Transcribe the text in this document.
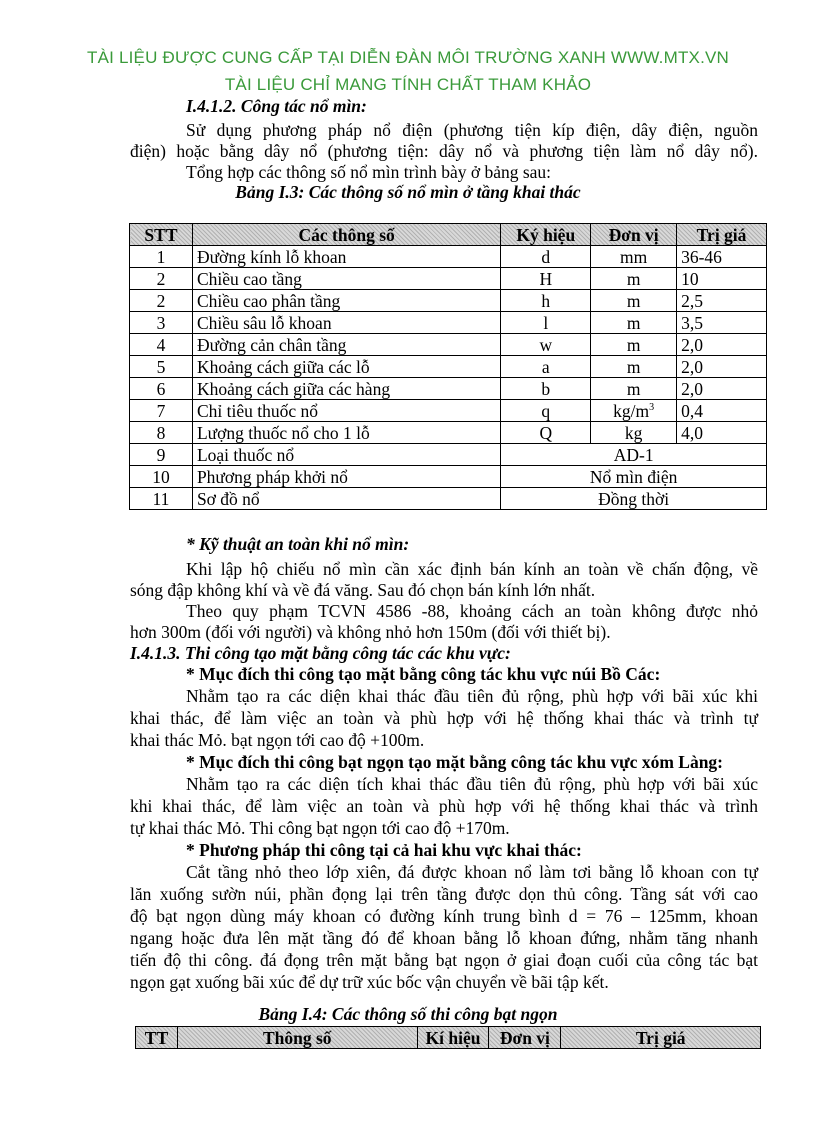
TÀI LIỆU ĐƯỢC CUNG CẤP TẠI DIỄN ĐÀN MÔI TRƯỜNG XANH WWW.MTX.VN
TÀI LIỆU CHỈ MANG TÍNH CHẤT THAM KHẢO
I.4.1.2. Công tác nổ mìn:
Sử dụng phương pháp nổ điện (phương tiện kíp điện, dây điện, nguồn
điện) hoặc bằng dây nổ (phương tiện: dây nổ và phương tiện làm nổ dây nổ).
Tổng hợp các thông số nổ mìn trình bày ở bảng sau:
Bảng I.3: Các thông số nổ mìn ở tầng khai thác
STT	Các thông số	Ký hiệu	Đơn vị	Trị giá
1	Đường kính lỗ khoan	d	mm	36-46
2	Chiều cao tầng	H	m	10
2	Chiều cao phân tầng	h	m	2,5
3	Chiều sâu lỗ khoan	l	m	3,5
4	Đường cản chân tầng	w	m	2,0
5	Khoảng cách giữa các lỗ	a	m	2,0
6	Khoảng cách giữa các hàng	b	m	2,0
7	Chỉ tiêu thuốc nổ	q	$kg/m^3$	0,4
8	Lượng thuốc nổ cho 1 lỗ	Q	kg	4,0
9	Loại thuốc nổ	AD-1		
10	Phương pháp khởi nổ	Nổ mìn điện		
11	Sơ đồ nổ	Đồng thời		
* Kỹ thuật an toàn khi nổ mìn:
Khi lập hộ chiếu nổ mìn cần xác định bán kính an toàn về chấn động, về
sóng đập không khí và về đá văng. Sau đó chọn bán kính lớn nhất.
Theo quy phạm TCVN 4586 -88, khoảng cách an toàn không được nhỏ
hơn 300m (đối với người) và không nhỏ hơn 150m (đối với thiết bị).
I.4.1.3. Thi công tạo mặt bằng công tác các khu vực:
* Mục đích thi công tạo mặt bằng công tác khu vực núi Bồ Các:
Nhằm tạo ra các diện khai thác đầu tiên đủ rộng, phù hợp với bãi xúc khi
khai thác, để làm việc an toàn và phù hợp với hệ thống khai thác và trình tự
khai thác Mỏ. bạt ngọn tới cao độ +100m.
* Mục đích thi công bạt ngọn tạo mặt bằng công tác khu vực xóm Làng:
Nhằm tạo ra các diện tích khai thác đầu tiên đủ rộng, phù hợp với bãi xúc
khi khai thác, để làm việc an toàn và phù hợp với hệ thống khai thác và trình
tự khai thác Mỏ. Thi công bạt ngọn tới cao độ +170m.
* Phương pháp thi công tại cả hai khu vực khai thác:
Cắt tầng nhỏ theo lớp xiên, đá được khoan nổ làm tơi bằng lỗ khoan con tự
lăn xuống sườn núi, phần đọng lại trên tầng được dọn thủ công. Tầng sát với cao
độ bạt ngọn dùng máy khoan có đường kính trung bình d = 76 – 125mm, khoan
ngang hoặc đưa lên mặt tầng đó để khoan bằng lỗ khoan đứng, nhằm tăng nhanh
tiến độ thi công. đá đọng trên mặt bằng bạt ngọn ở giai đoạn cuối của công tác bạt
ngọn gạt xuống bãi xúc để dự trữ xúc bốc vận chuyển về bãi tập kết.
Bảng I.4: Các thông số thi công bạt ngọn
TT	Thông số	Kí hiệu	Đơn vị	Trị giá
